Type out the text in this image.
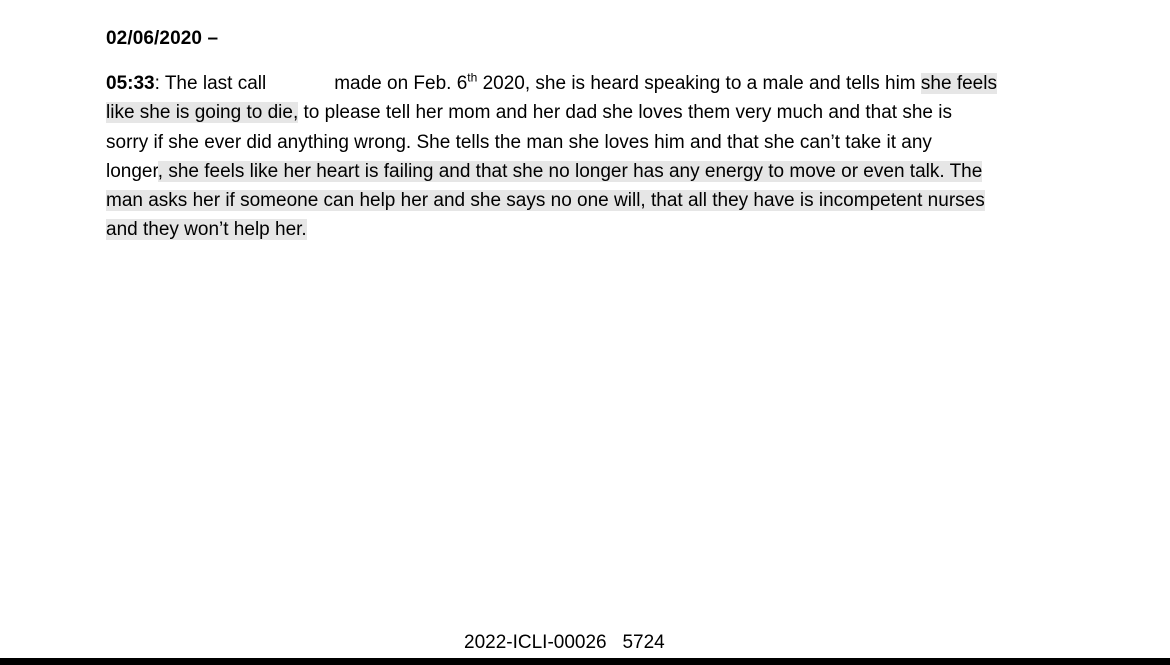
02/06/2020 –
05:33: The last call	made on Feb. 6th 2020, she is heard speaking to a male and tells him she feels
like she is going to die, to please tell her mom and her dad she loves them very much and that she is
sorry if she ever did anything wrong. She tells the man she loves him and that she can’t take it any
longer, she feels like her heart is failing and that she no longer has any energy to move or even talk. The
man asks her if someone can help her and she says no one will, that all they have is incompetent nurses
and they won’t help her.
2022-ICLI-00026   5724
